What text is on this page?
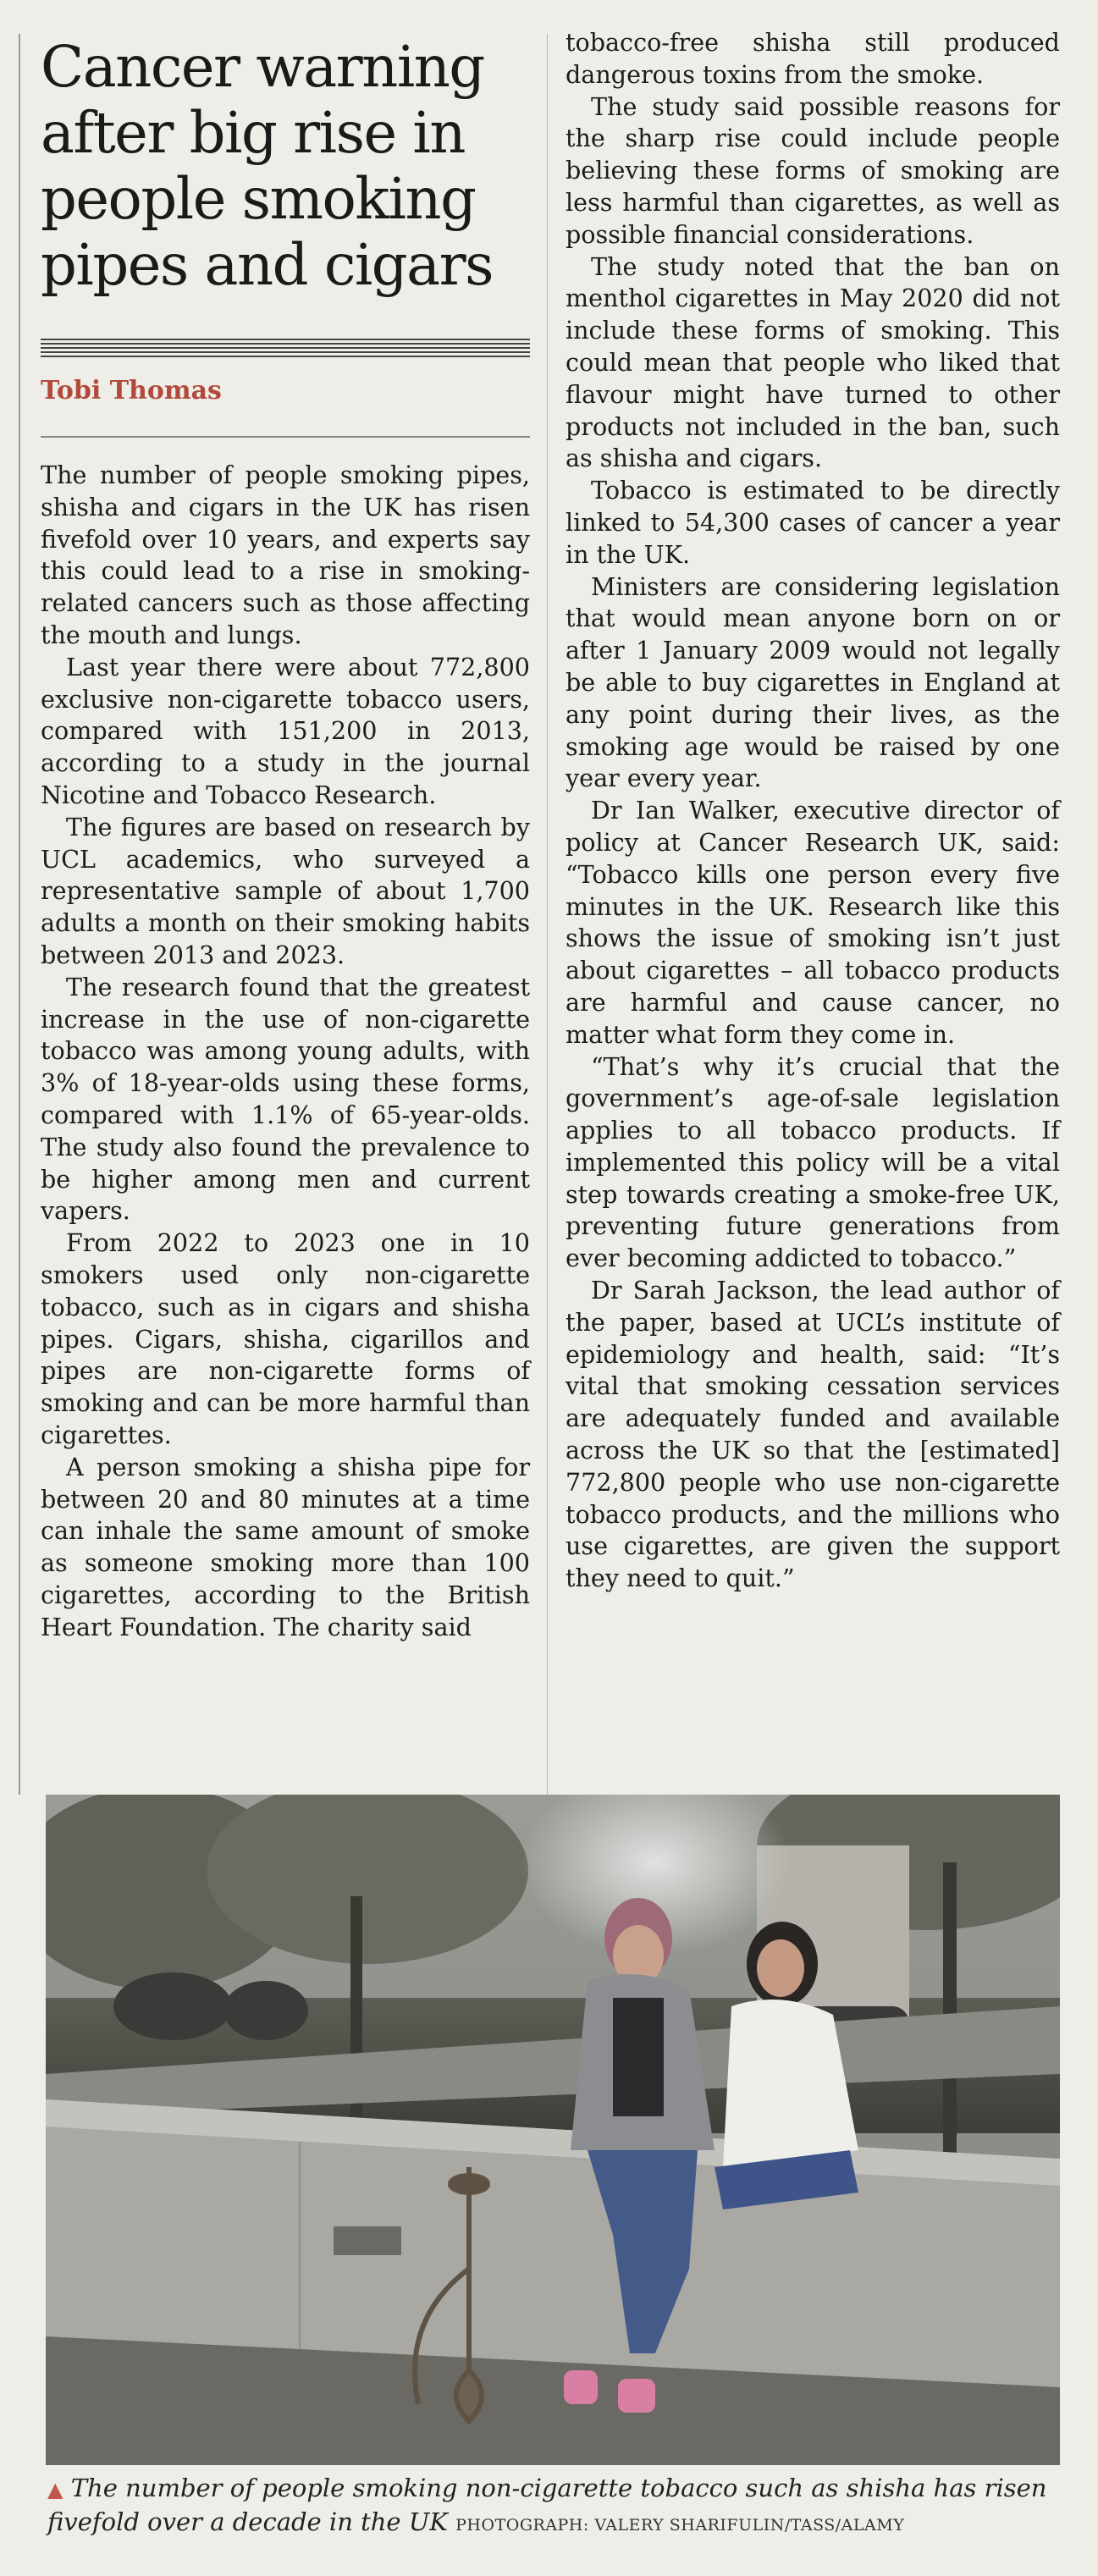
Cancer warning after big rise in people smoking pipes and cigars
Tobi Thomas

The number of people smoking pipes, shisha and cigars in the UK has risen fivefold over 10 years, and experts say this could lead to a rise in smoking-related cancers such as those affecting the mouth and lungs.

Last year there were about 772,800 exclusive non-cigarette tobacco users, compared with 151,200 in 2013, according to a study in the journal Nicotine and Tobacco Research.

The figures are based on research by UCL academics, who surveyed a representative sample of about 1,700 adults a month on their smoking habits between 2013 and 2023.

The research found that the greatest increase in the use of non-cigarette tobacco was among young adults, with 3% of 18-year-olds using these forms, compared with 1.1% of 65-year-olds. The study also found the prevalence to be higher among men and current vapers.

From 2022 to 2023 one in 10 smokers used only non-cigarette tobacco, such as in cigars and shisha pipes. Cigars, shisha, cigarillos and pipes are non-cigarette forms of smoking and can be more harmful than cigarettes.

A person smoking a shisha pipe for between 20 and 80 minutes at a time can inhale the same amount of smoke as someone smoking more than 100 cigarettes, according to the British Heart Foundation. The charity said

tobacco-free shisha still produced dangerous toxins from the smoke.

The study said possible reasons for the sharp rise could include people believing these forms of smoking are less harmful than cigarettes, as well as possible financial considerations.

The study noted that the ban on menthol cigarettes in May 2020 did not include these forms of smoking. This could mean that people who liked that flavour might have turned to other products not included in the ban, such as shisha and cigars.

Tobacco is estimated to be directly linked to 54,300 cases of cancer a year in the UK.

Ministers are considering legislation that would mean anyone born on or after 1 January 2009 would not legally be able to buy cigarettes in England at any point during their lives, as the smoking age would be raised by one year every year.

Dr Ian Walker, executive director of policy at Cancer Research UK, said: “Tobacco kills one person every five minutes in the UK. Research like this shows the issue of smoking isn’t just about cigarettes – all tobacco products are harmful and cause cancer, no matter what form they come in.

“That’s why it’s crucial that the government’s age-of-sale legislation applies to all tobacco products. If implemented this policy will be a vital step towards creating a smoke-free UK, preventing future generations from ever becoming addicted to tobacco.”

Dr Sarah Jackson, the lead author of the paper, based at UCL’s institute of epidemiology and health, said: “It’s vital that smoking cessation services are adequately funded and available across the UK so that the [estimated] 772,800 people who use non-cigarette tobacco products, and the millions who use cigarettes, are given the support they need to quit.”

▲ The number of people smoking non-cigarette tobacco such as shisha has risen fivefold over a decade in the UK PHOTOGRAPH: VALERY SHARIFULIN/TASS/ALAMY
